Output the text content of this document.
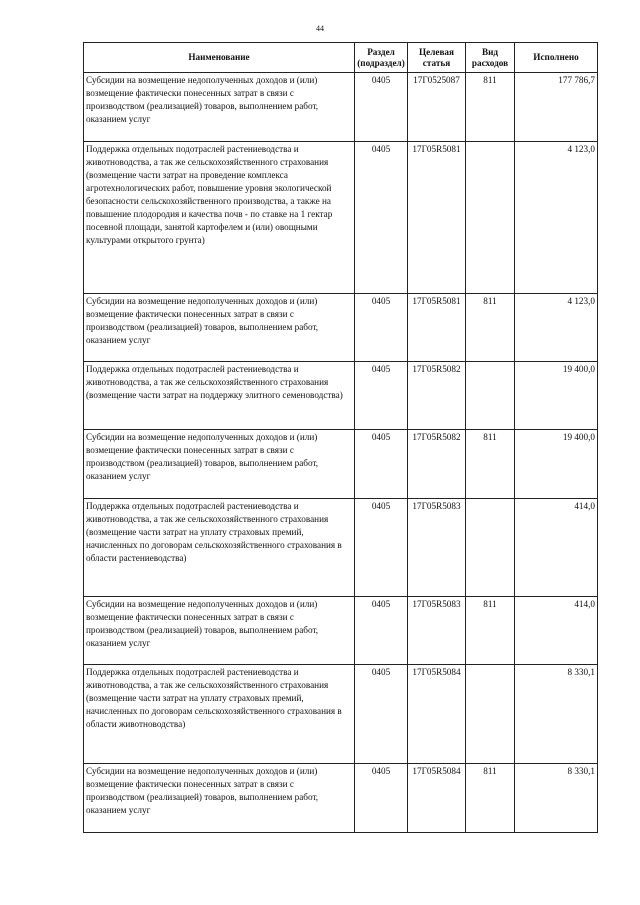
44
Наименование	Раздел (подраздел)	Целевая статья	Вид расходов	Исполнено
Субсидии на возмещение недополученных доходов и (или) возмещение фактически понесенных затрат в связи с производством (реализацией) товаров, выполнением работ, оказанием услуг	0405	17Г0525087	811	177 786,7
Поддержка отдельных подотраслей растениеводства и животноводства, а так же сельскохозяйственного страхования (возмещение части затрат на проведение комплекса агротехнологических работ, повышение уровня экологической безопасности сельскохозяйственного производства, а также на повышение плодородия и качества почв - по ставке на 1 гектар посевной площади, занятой картофелем и (или) овощными культурами открытого грунта)	0405	17Г05R5081		4 123,0
Субсидии на возмещение недополученных доходов и (или) возмещение фактически понесенных затрат в связи с производством (реализацией) товаров, выполнением работ, оказанием услуг	0405	17Г05R5081	811	4 123,0
Поддержка отдельных подотраслей растениеводства и животноводства, а так же сельскохозяйственного страхования (возмещение части затрат на поддержку элитного семеноводства)	0405	17Г05R5082		19 400,0
Субсидии на возмещение недополученных доходов и (или) возмещение фактически понесенных затрат в связи с производством (реализацией) товаров, выполнением работ, оказанием услуг	0405	17Г05R5082	811	19 400,0
Поддержка отдельных подотраслей растениеводства и животноводства, а так же сельскохозяйственного страхования (возмещение части затрат на уплату страховых премий, начисленных по договорам сельскохозяйственного страхования в области растениеводства)	0405	17Г05R5083		414,0
Субсидии на возмещение недополученных доходов и (или) возмещение фактически понесенных затрат в связи с производством (реализацией) товаров, выполнением работ, оказанием услуг	0405	17Г05R5083	811	414,0
Поддержка отдельных подотраслей растениеводства и животноводства, а так же сельскохозяйственного страхования (возмещение части затрат на уплату страховых премий, начисленных по договорам сельскохозяйственного страхования в области животноводства)	0405	17Г05R5084		8 330,1
Субсидии на возмещение недополученных доходов и (или) возмещение фактически понесенных затрат в связи с производством (реализацией) товаров, выполнением работ, оказанием услуг	0405	17Г05R5084	811	8 330,1
